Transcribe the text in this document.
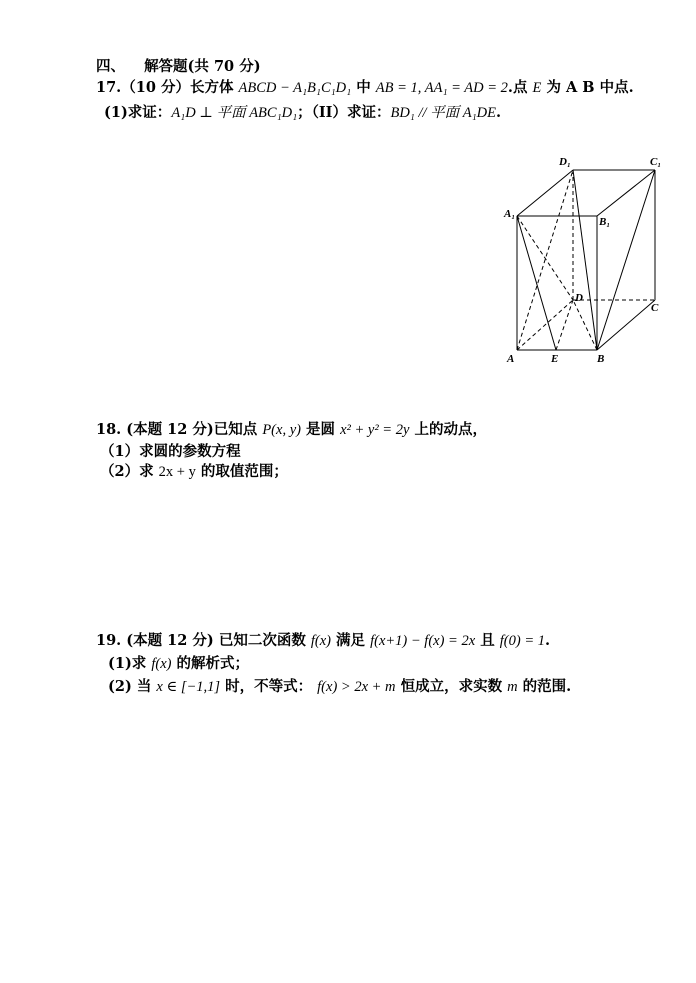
四、 解答题(共 70 分)
17.（10 分）长方体 ABCD − A₁B₁C₁D₁ 中 AB = 1, AA₁ = AD = 2.点 E 为 A B 中点.
(1)求证：A₁D ⊥ 平面 ABC₁D₁；（II）求证：BD₁ // 平面 A₁DE.
D₁	C₁
A₁
B₁
D
C
A	E	B
18. (本题 12 分)已知点 P(x, y) 是圆 x² + y² = 2y 上的动点，
（1）求圆的参数方程
（2）求 2x + y 的取值范围；
19. (本题 12 分) 已知二次函数 f(x) 满足 f(x+1) − f(x) = 2x 且 f(0) = 1.
(1)求 f(x) 的解析式；
(2) 当 x ∈ [−1,1] 时，不等式： f(x) > 2x + m 恒成立，求实数 m 的范围.
